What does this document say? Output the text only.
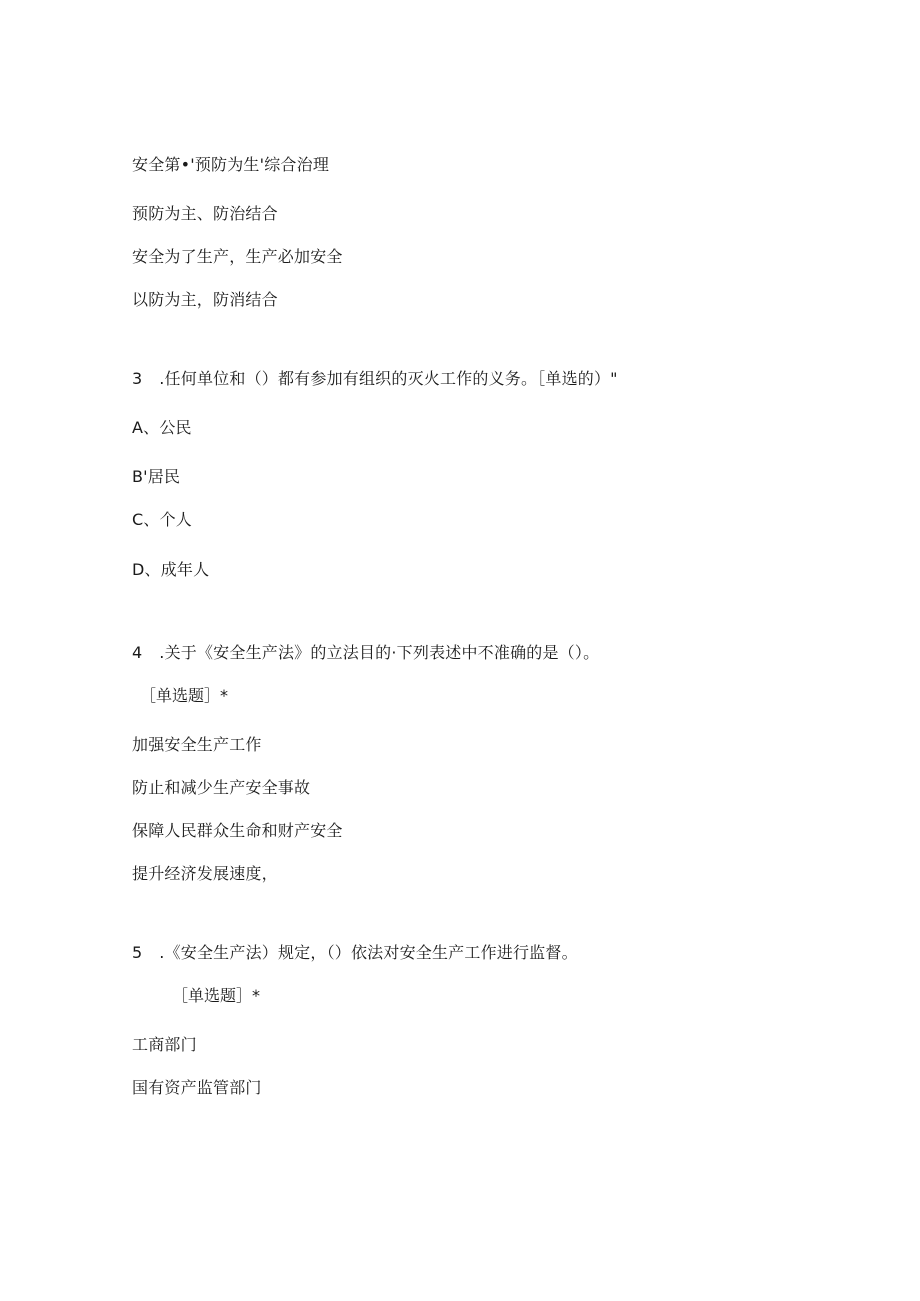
安全第•'预防为生'综合治理
预防为主、防治结合
安全为了生产，生产必加安全
以防为主，防消结合
3 .任何单位和（）都有参加有组织的灭火工作的义务。［单选的）"
A、公民
B'居民
C、个人
D、成年人
4 .关于《安全生产法》的立法目的·下列表述中不准确的是（）。
［单选题］*
加强安全生产工作
防止和减少生产安全事故
保障人民群众生命和财产安全
提升经济发展速度，
5 .《安全生产法）规定，（）依法对安全生产工作进行监督。
［单选题］*
工商部门
国有资产监管部门
